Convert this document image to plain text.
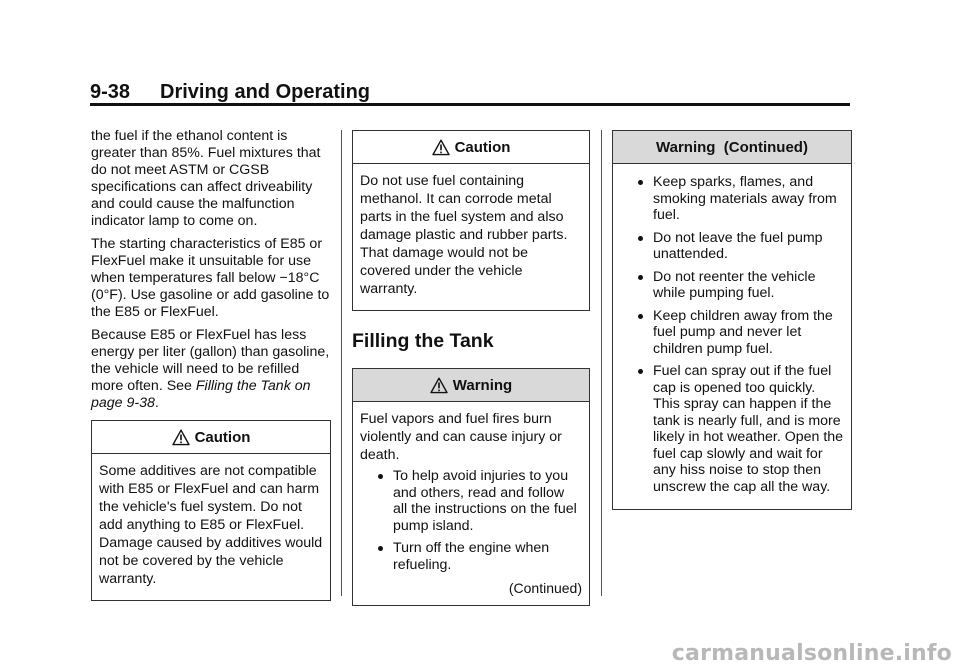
9-38 Driving and Operating

the fuel if the ethanol content is greater than 85%. Fuel mixtures that do not meet ASTM or CGSB specifications can affect driveability and could cause the malfunction indicator lamp to come on.

The starting characteristics of E85 or FlexFuel make it unsuitable for use when temperatures fall below −18°C (0°F). Use gasoline or add gasoline to the E85 or FlexFuel.

Because E85 or FlexFuel has less energy per liter (gallon) than gasoline, the vehicle will need to be refilled more often. See Filling the Tank on page 9-38.

Caution

Some additives are not compatible with E85 or FlexFuel and can harm the vehicle's fuel system. Do not add anything to E85 or FlexFuel. Damage caused by additives would not be covered by the vehicle warranty.

Caution

Do not use fuel containing methanol. It can corrode metal parts in the fuel system and also damage plastic and rubber parts. That damage would not be covered under the vehicle warranty.

Filling the Tank
Warning

Fuel vapors and fuel fires burn violently and can cause injury or death.

To help avoid injuries to you and others, read and follow all the instructions on the fuel pump island.
Turn off the engine when refueling.
(Continued)
Warning  (Continued)
Keep sparks, flames, and smoking materials away from fuel.
Do not leave the fuel pump unattended.
Do not reenter the vehicle while pumping fuel.
Keep children away from the fuel pump and never let children pump fuel.
Fuel can spray out if the fuel cap is opened too quickly. This spray can happen if the tank is nearly full, and is more likely in hot weather. Open the fuel cap slowly and wait for any hiss noise to stop then unscrew the cap all the way.
carmanualsonline.info
